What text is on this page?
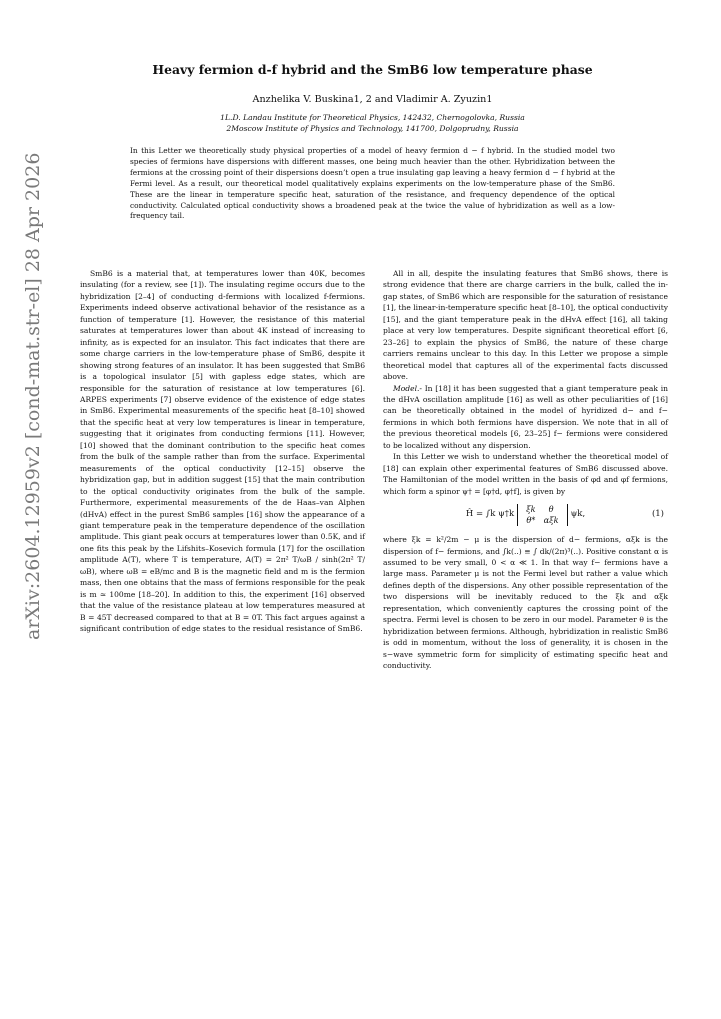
arXiv:2604.12959v2 [cond-mat.str-el] 28 Apr 2026
Heavy fermion d-f hybrid and the SmB6 low temperature phase
Anzhelika V. Buskina1, 2 and Vladimir A. Zyuzin1
1L.D. Landau Institute for Theoretical Physics, 142432, Chernogolovka, Russia
2Moscow Institute of Physics and Technology, 141700, Dolgoprudny, Russia
In this Letter we theoretically study physical properties of a model of heavy fermion d − f hybrid. In the studied model two species of fermions have dispersions with different masses, one being much heavier than the other. Hybridization between the fermions at the crossing point of their dispersions doesn’t open a true insulating gap leaving a heavy fermion d − f hybrid at the Fermi level. As a result, our theoretical model qualitatively explains experiments on the low-temperature phase of the SmB6. These are the linear in temperature specific heat, saturation of the resistance, and frequency dependence of the optical conductivity. Calculated optical conductivity shows a broadened peak at the twice the value of hybridization as well as a low-frequency tail.

SmB6 is a material that, at temperatures lower than 40K, becomes insulating (for a review, see [1]). The insulating regime occurs due to the hybridization [2–4] of conducting d-fermions with localized f-fermions. Experiments indeed observe activational behavior of the resistance as a function of temperature [1]. However, the resistance of this material saturates at temperatures lower than about 4K instead of increasing to infinity, as is expected for an insulator. This fact indicates that there are some charge carriers in the low-temperature phase of SmB6, despite it showing strong features of an insulator. It has been suggested that SmB6 is a topological insulator [5] with gapless edge states, which are responsible for the saturation of resistance at low temperatures [6]. ARPES experiments [7] observe evidence of the existence of edge states in SmB6. Experimental measurements of the specific heat [8–10] showed that the specific heat at very low temperatures is linear in temperature, suggesting that it originates from conducting fermions [11]. However, [10] showed that the dominant contribution to the specific heat comes from the bulk of the sample rather than from the surface. Experimental measurements of the optical conductivity [12–15] observe the hybridization gap, but in addition suggest [15] that the main contribution to the optical conductivity originates from the bulk of the sample. Furthermore, experimental measurements of the de Haas–van Alphen (dHvA) effect in the purest SmB6 samples [16] show the appearance of a giant temperature peak in the temperature dependence of the oscillation amplitude. This giant peak occurs at temperatures lower than 0.5K, and if one fits this peak by the Lifshits–Kosevich formula [17] for the oscillation amplitude A(T), where T is temperature, A(T) = 2π² T/ωB / sinh(2π² T/ωB), where ωB = eB/mc and B is the magnetic field and m is the fermion mass, then one obtains that the mass of fermions responsible for the peak is m ≃ 100me [18–20]. In addition to this, the experiment [16] observed that the value of the resistance plateau at low temperatures measured at B = 45T decreased compared to that at B = 0T. This fact argues against a significant contribution of edge states to the residual resistance of SmB6.

All in all, despite the insulating features that SmB6 shows, there is strong evidence that there are charge carriers in the bulk, called the in-gap states, of SmB6 which are responsible for the saturation of resistance [1], the linear-in-temperature specific heat [8–10], the optical conductivity [15], and the giant temperature peak in the dHvA effect [16], all taking place at very low temperatures. Despite significant theoretical effort [6, 23–26] to explain the physics of SmB6, the nature of these charge carriers remains unclear to this day. In this Letter we propose a simple theoretical model that captures all of the experimental facts discussed above.

Model.- In [18] it has been suggested that a giant temperature peak in the dHvA oscillation amplitude [16] as well as other peculiarities of [16] can be theoretically obtained in the model of hyridized d− and f− fermions in which both fermions have dispersion. We note that in all of the previous theoretical models [6, 23–25] f− fermions were considered to be localized without any dispersion.

In this Letter we wish to understand whether the theoretical model of [18] can explain other experimental features of SmB6 discussed above. The Hamiltonian of the model written in the basis of φd and φf fermions, which form a spinor ψ† = [φ†d, φ†f], is given by

Ĥ = ∫k ψ†k
ξk	θ
θ*	αξk
ψk,	(1)

where ξk = k²/2m − μ is the dispersion of d− fermions, αξk is the dispersion of f− fermions, and ∫k(..) ≡ ∫ dk/(2π)³(..). Positive constant α is assumed to be very small, 0 < α ≪ 1. In that way f− fermions have a large mass. Parameter μ is not the Fermi level but rather a value which defines depth of the dispersions. Any other possible representation of the two dispersions will be inevitably reduced to the ξk and αξk representation, which conveniently captures the crossing point of the spectra. Fermi level is chosen to be zero in our model. Parameter θ is the hybridization between fermions. Although, hybridization in realistic SmB6 is odd in momentum, without the loss of generality, it is chosen in the s−wave symmetric form for simplicity of estimating specific heat and conductivity.
